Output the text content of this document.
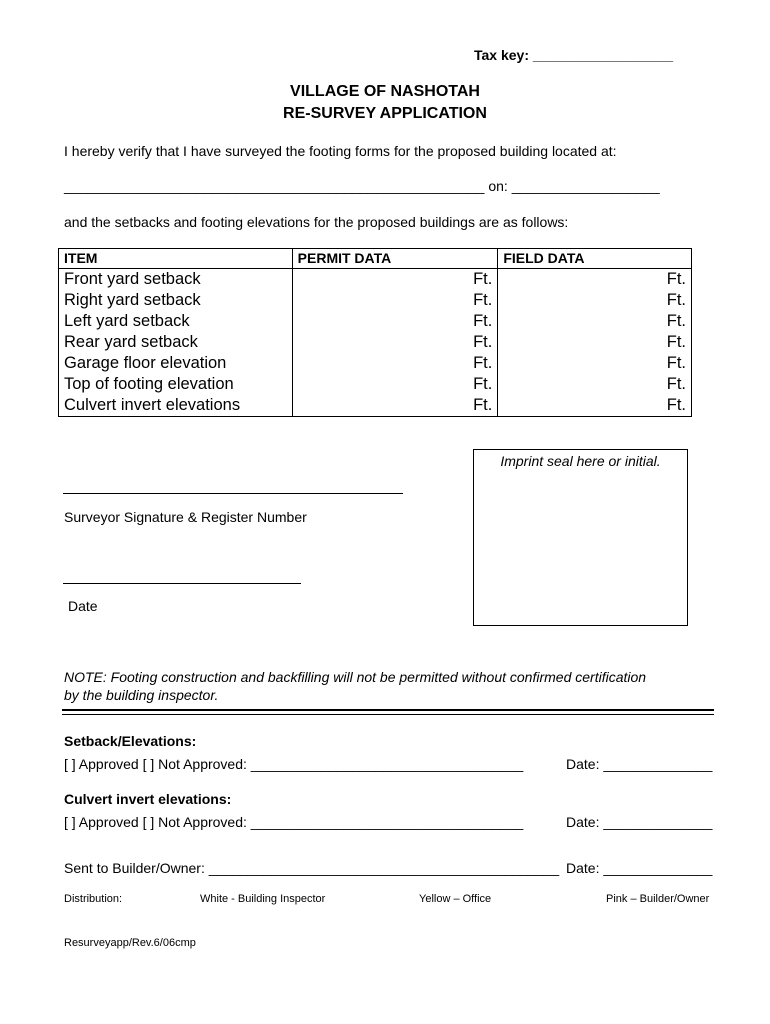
Tax key: __________________
VILLAGE OF NASHOTAH
RE-SURVEY APPLICATION
I hereby verify that I have surveyed the footing forms for the proposed building located at:
______________________________________________________ on: ___________________
and the setbacks and footing elevations for the proposed buildings are as follows:
ITEM	PERMIT DATA	FIELD DATA
Front yard setback	Ft.	Ft.
Right yard setback	Ft.	Ft.
Left yard setback	Ft.	Ft.
Rear yard setback	Ft.	Ft.
Garage floor elevation	Ft.	Ft.
Top of footing elevation	Ft.	Ft.
Culvert invert elevations	Ft.	Ft.
Imprint seal here or initial.
Surveyor Signature & Register Number
Date
NOTE: Footing construction and backfilling will not be permitted without confirmed certification
by the building inspector.
Setback/Elevations:
[ ] Approved [ ] Not Approved: ___________________________________	Date: ______________
Culvert invert elevations:
[ ] Approved [ ] Not Approved: ___________________________________	Date: ______________
Sent to Builder/Owner: _____________________________________________ Date: ______________
Distribution:	White - Building Inspector	Yellow – Office	Pink – Builder/Owner
Resurveyapp/Rev.6/06cmp
